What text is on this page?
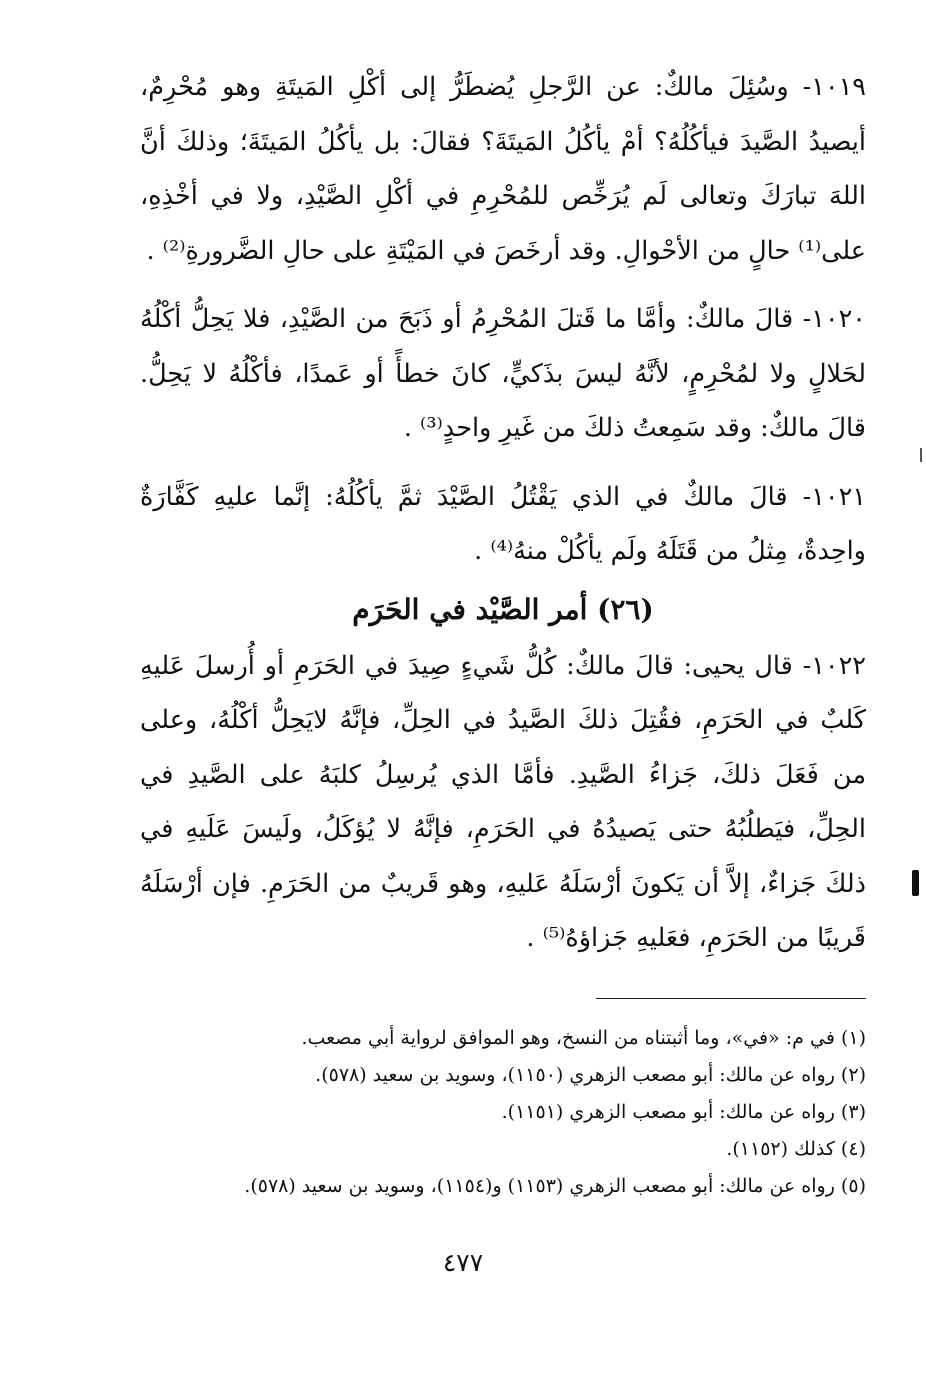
١٠١٩- وسُئِلَ مالكٌ: عن الرَّجلِ يُضطَرُّ إلى أكْلِ المَيتَةِ وهو مُحْرِمٌ، أيصيدُ الصَّيدَ فيأكُلُهُ؟ أمْ يأكُلُ المَيتَةَ؟ فقالَ: بل يأكُلُ المَيتَةَ؛ وذلكَ أنَّ اللهَ تبارَكَ وتعالى لَم يُرَخِّص للمُحْرِمِ في أكْلِ الصَّيْدِ، ولا في أخْذِهِ، على⁽¹⁾ حالٍ من الأحْوالِ. وقد أرخَصَ في المَيْتَةِ على حالِ الضَّرورةِ⁽²⁾ .

١٠٢٠- قالَ مالكٌ: وأمَّا ما قَتلَ المُحْرِمُ أو ذَبَحَ من الصَّيْدِ، فلا يَحِلُّ أكْلُهُ لحَلالٍ ولا لمُحْرِمٍ، لأنَّهُ ليسَ بذَكيٍّ، كانَ خطأً أو عَمدًا، فأكْلُهُ لا يَحِلُّ. قالَ مالكٌ: وقد سَمِعتُ ذلكَ من غَيرِ واحدٍ⁽³⁾ .

١٠٢١- قالَ مالكٌ في الذي يَقْتُلُ الصَّيْدَ ثمَّ يأكُلُهُ: إنَّما عليهِ كَفَّارَةٌ واحِدةٌ، مِثلُ من قَتَلَهُ ولَم يأكُلْ منهُ⁽⁴⁾ .

(٢٦) أمر الصَّيْد في الحَرَم

١٠٢٢- قال يحيى: قالَ مالكٌ: كُلُّ شَيءٍ صِيدَ في الحَرَمِ أو أُرسلَ عَليهِ كَلبٌ في الحَرَمِ، فقُتِلَ ذلكَ الصَّيدُ في الحِلِّ، فإنَّهُ لايَحِلُّ أكْلُهُ، وعلى من فَعَلَ ذلكَ، جَزاءُ الصَّيدِ. فأمَّا الذي يُرسِلُ كلبَهُ على الصَّيدِ في الحِلِّ، فيَطلُبُهُ حتى يَصيدُهُ في الحَرَمِ، فإنَّهُ لا يُؤكَلُ، ولَيسَ عَلَيهِ في ذلكَ جَزاءٌ، إلاَّ أن يَكونَ أرْسَلَهُ عَليهِ، وهو قَريبٌ من الحَرَمِ. فإن أرْسَلَهُ قَريبًا من الحَرَمِ، فعَليهِ جَزاؤهُ⁽⁵⁾ .

(١) في م: «في»، وما أثبتناه من النسخ، وهو الموافق لرواية أبي مصعب.

(٢) رواه عن مالك: أبو مصعب الزهري (١١٥٠)، وسويد بن سعيد (٥٧٨).

(٣) رواه عن مالك: أبو مصعب الزهري (١١٥١).

(٤) كذلك (١١٥٢).

(٥) رواه عن مالك: أبو مصعب الزهري (١١٥٣) و(١١٥٤)، وسويد بن سعيد (٥٧٨).

٤٧٧
